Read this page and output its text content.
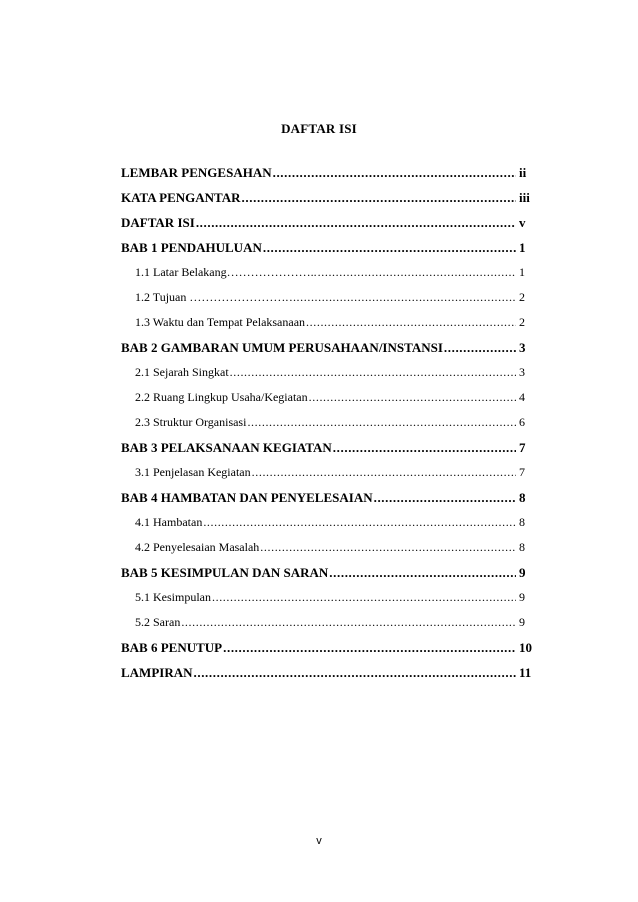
DAFTAR ISI
LEMBAR PENGESAHAN .....	ii
KATA PENGANTAR .....	iii
DAFTAR ISI .....	v
BAB 1 PENDAHULUAN .....	1
1.1 Latar Belakang………………….. .....	1
1.2 Tujuan ……………………. .....	2
1.3 Waktu dan Tempat Pelaksanaan .....	2
BAB 2 GAMBARAN UMUM PERUSAHAAN/INSTANSI .....	3
2.1 Sejarah Singkat .....	3
2.2 Ruang Lingkup Usaha/Kegiatan .....	4
2.3 Struktur Organisasi .....	6
BAB 3 PELAKSANAAN KEGIATAN .....	7
3.1 Penjelasan Kegiatan .....	7
BAB 4 HAMBATAN DAN PENYELESAIAN .....	8
4.1 Hambatan .....	8
4.2 Penyelesaian Masalah .....	8
BAB 5 KESIMPULAN DAN SARAN .....	9
5.1 Kesimpulan .....	9
5.2 Saran .....	9
BAB 6 PENUTUP .....	10
LAMPIRAN .....	11
v
